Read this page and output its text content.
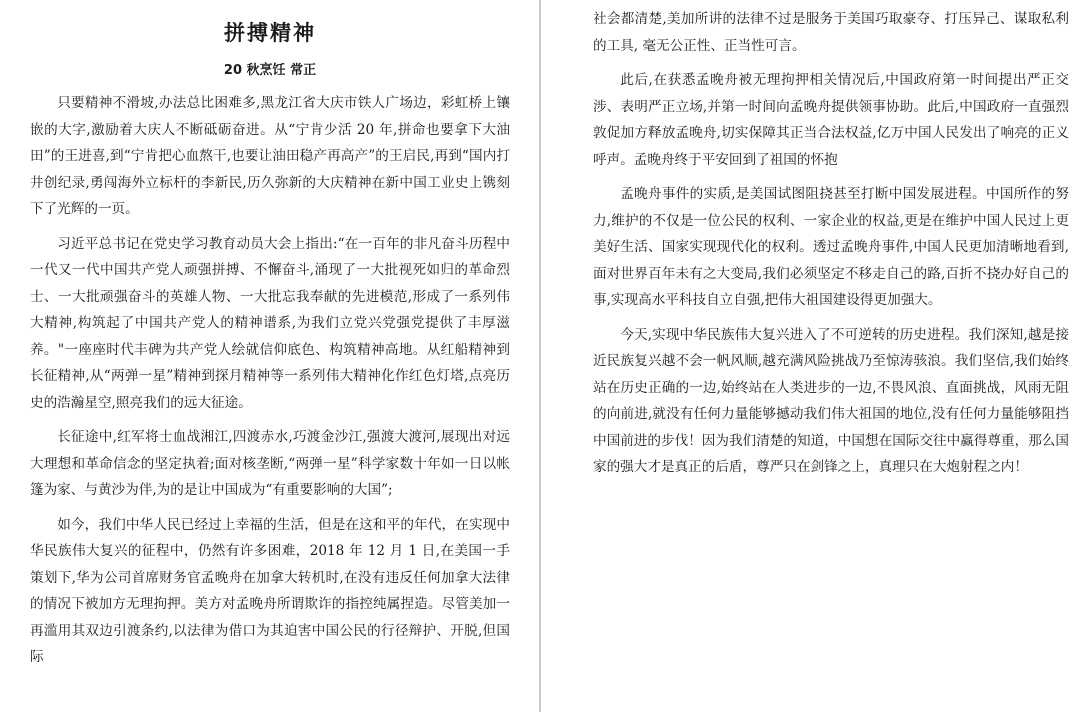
拼搏精神
20 秋烹饪 常正

只要精神不滑坡,办法总比困难多,黑龙江省大庆市铁人广场边，彩虹桥上镶嵌的大字,激励着大庆人不断砥砺奋进。从“宁肯少活 20 年,拼命也要拿下大油田”的王进喜,到“宁肯把心血熬干,也要让油田稳产再高产”的王启民,再到“国内打井创纪录,勇闯海外立标杆的李新民,历久弥新的大庆精神在新中国工业史上镌刻下了光辉的一页。

习近平总书记在党史学习教育动员大会上指出:“在一百年的非凡奋斗历程中一代又一代中国共产党人顽强拼搏、不懈奋斗,涌现了一大批视死如归的革命烈士、一大批顽强奋斗的英雄人物、一大批忘我奉献的先进模范,形成了一系列伟大精神,构筑起了中国共产党人的精神谱系,为我们立党兴党强党提供了丰厚滋养。"一座座时代丰碑为共产党人绘就信仰底色、构筑精神高地。从红船精神到长征精神,从“两弹一星”精神到探月精神等一系列伟大精神化作红色灯塔,点亮历史的浩瀚星空,照亮我们的远大征途。

长征途中,红军将士血战湘江,四渡赤水,巧渡金沙江,强渡大渡河,展现出对远大理想和革命信念的坚定执着;面对核垄断,“两弹一星”科学家数十年如一日以帐篷为家、与黄沙为伴,为的是让中国成为“有重要影响的大国”;

如今，我们中华人民已经过上幸福的生活，但是在这和平的年代，在实现中华民族伟大复兴的征程中，仍然有许多困难，2018 年 12 月 1 日,在美国一手策划下,华为公司首席财务官孟晚舟在加拿大转机时,在没有违反任何加拿大法律的情况下被加方无理拘押。美方对孟晚舟所谓欺诈的指控纯属捏造。尽管美加一再滥用其双边引渡条约,以法律为借口为其迫害中国公民的行径辩护、开脱,但国际

社会都清楚,美加所讲的法律不过是服务于美国巧取豪夺、打压异己、谋取私利的工具, 毫无公正性、正当性可言。

此后,在获悉孟晚舟被无理拘押相关情况后,中国政府第一时间提出严正交涉、表明严正立场,并第一时间向孟晚舟提供领事协助。此后,中国政府一直强烈敦促加方释放孟晚舟,切实保障其正当合法权益,亿万中国人民发出了响亮的正义呼声。孟晚舟终于平安回到了祖国的怀抱

孟晚舟事件的实质,是美国试图阻挠甚至打断中国发展进程。中国所作的努力,维护的不仅是一位公民的权利、一家企业的权益,更是在维护中国人民过上更美好生活、国家实现现代化的权利。透过孟晚舟事件,中国人民更加清晰地看到,面对世界百年未有之大变局,我们必须坚定不移走自己的路,百折不挠办好自己的事,实现高水平科技自立自强,把伟大祖国建设得更加强大。

今天,实现中华民族伟大复兴进入了不可逆转的历史进程。我们深知,越是接近民族复兴越不会一帆风顺,越充满风险挑战乃至惊涛骇浪。我们坚信,我们始终站在历史正确的一边,始终站在人类进步的一边,不畏风浪、直面挑战，风雨无阻的向前进,就没有任何力量能够撼动我们伟大祖国的地位,没有任何力量能够阻挡中国前进的步伐！因为我们清楚的知道，中国想在国际交往中赢得尊重，那么国家的强大才是真正的后盾，尊严只在剑锋之上，真理只在大炮射程之内！
